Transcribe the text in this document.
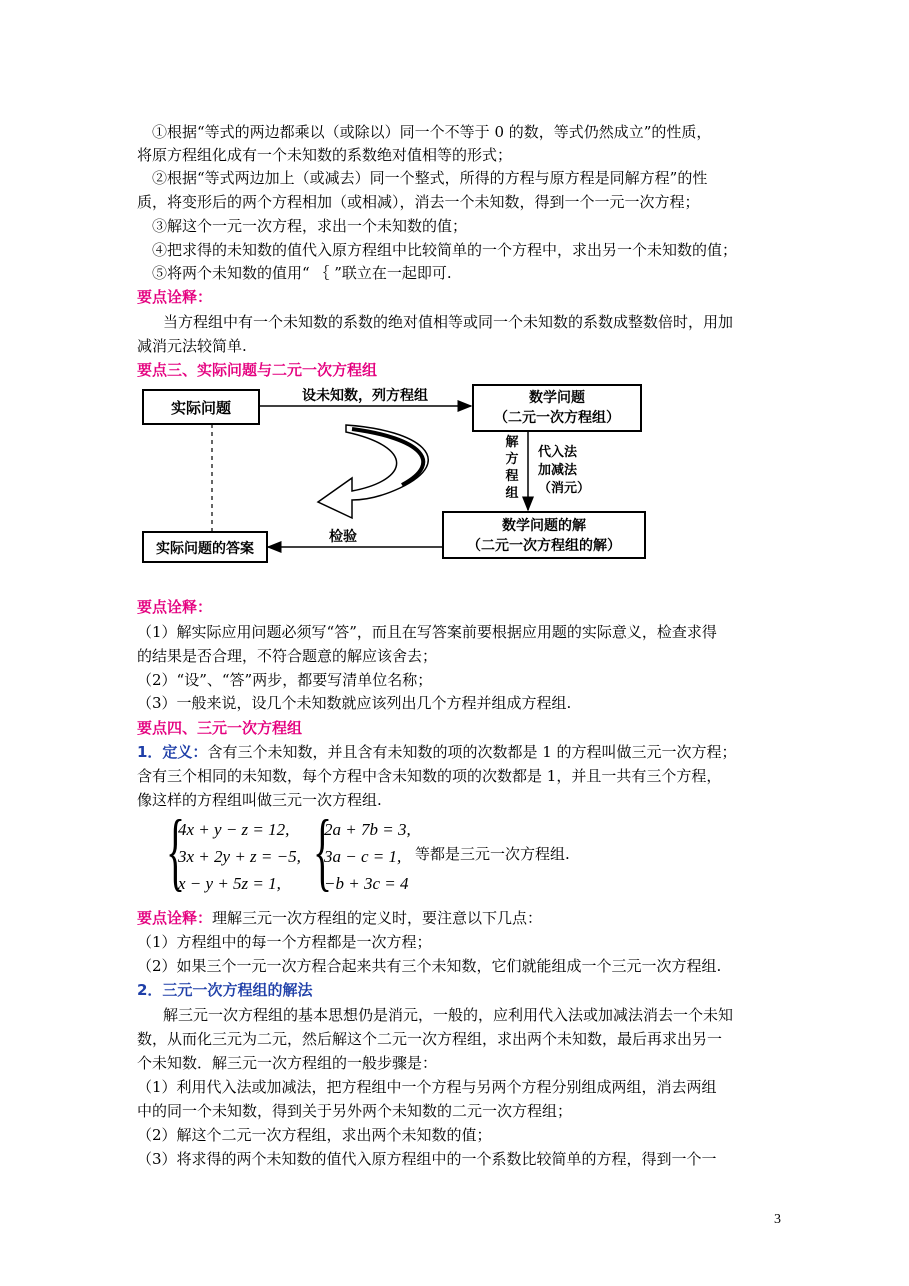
①根据“等式的两边都乘以（或除以）同一个不等于 0 的数，等式仍然成立”的性质，
将原方程组化成有一个未知数的系数绝对值相等的形式；
②根据“等式两边加上（或减去）同一个整式，所得的方程与原方程是同解方程”的性
质，将变形后的两个方程相加（或相减），消去一个未知数，得到一个一元一次方程；
③解这个一元一次方程，求出一个未知数的值；
④把求得的未知数的值代入原方程组中比较简单的一个方程中，求出另一个未知数的值；
⑤将两个未知数的值用“ ｛ ”联立在一起即可.
要点诠释：
当方程组中有一个未知数的系数的绝对值相等或同一个未知数的系数成整数倍时，用加
减消元法较简单.
要点三、实际问题与二元一次方程组
实际问题
设未知数，列方程组	数学问题
（二元一次方程组）
解
方
程
组
代入法
加减法
（消元）
数学问题的解
（二元一次方程组的解）
检验
实际问题的答案
要点诠释：
（1）解实际应用问题必须写“答”，而且在写答案前要根据应用题的实际意义，检查求得
的结果是否合理，不符合题意的解应该舍去；
（2）“设”、“答”两步，都要写清单位名称；
（3）一般来说，设几个未知数就应该列出几个方程并组成方程组.
要点四、三元一次方程组
1．定义：含有三个未知数，并且含有未知数的项的次数都是 1 的方程叫做三元一次方程；
含有三个相同的未知数，每个方程中含未知数的项的次数都是 1，并且一共有三个方程，
像这样的方程组叫做三元一次方程组.
{
4x + y − z = 12,
3x + 2y + z = −5,
x − y + 5z = 1, {
2a + 7b = 3,
3a − c = 1,
−b + 3c = 4
等都是三元一次方程组.
要点诠释：理解三元一次方程组的定义时，要注意以下几点：
（1）方程组中的每一个方程都是一次方程；
（2）如果三个一元一次方程合起来共有三个未知数，它们就能组成一个三元一次方程组.
2．三元一次方程组的解法
解三元一次方程组的基本思想仍是消元，一般的，应利用代入法或加减法消去一个未知
数，从而化三元为二元，然后解这个二元一次方程组，求出两个未知数，最后再求出另一
个未知数．解三元一次方程组的一般步骤是：
（1）利用代入法或加减法，把方程组中一个方程与另两个方程分别组成两组，消去两组
中的同一个未知数，得到关于另外两个未知数的二元一次方程组；
（2）解这个二元一次方程组，求出两个未知数的值；
（3）将求得的两个未知数的值代入原方程组中的一个系数比较简单的方程，得到一个一
3
